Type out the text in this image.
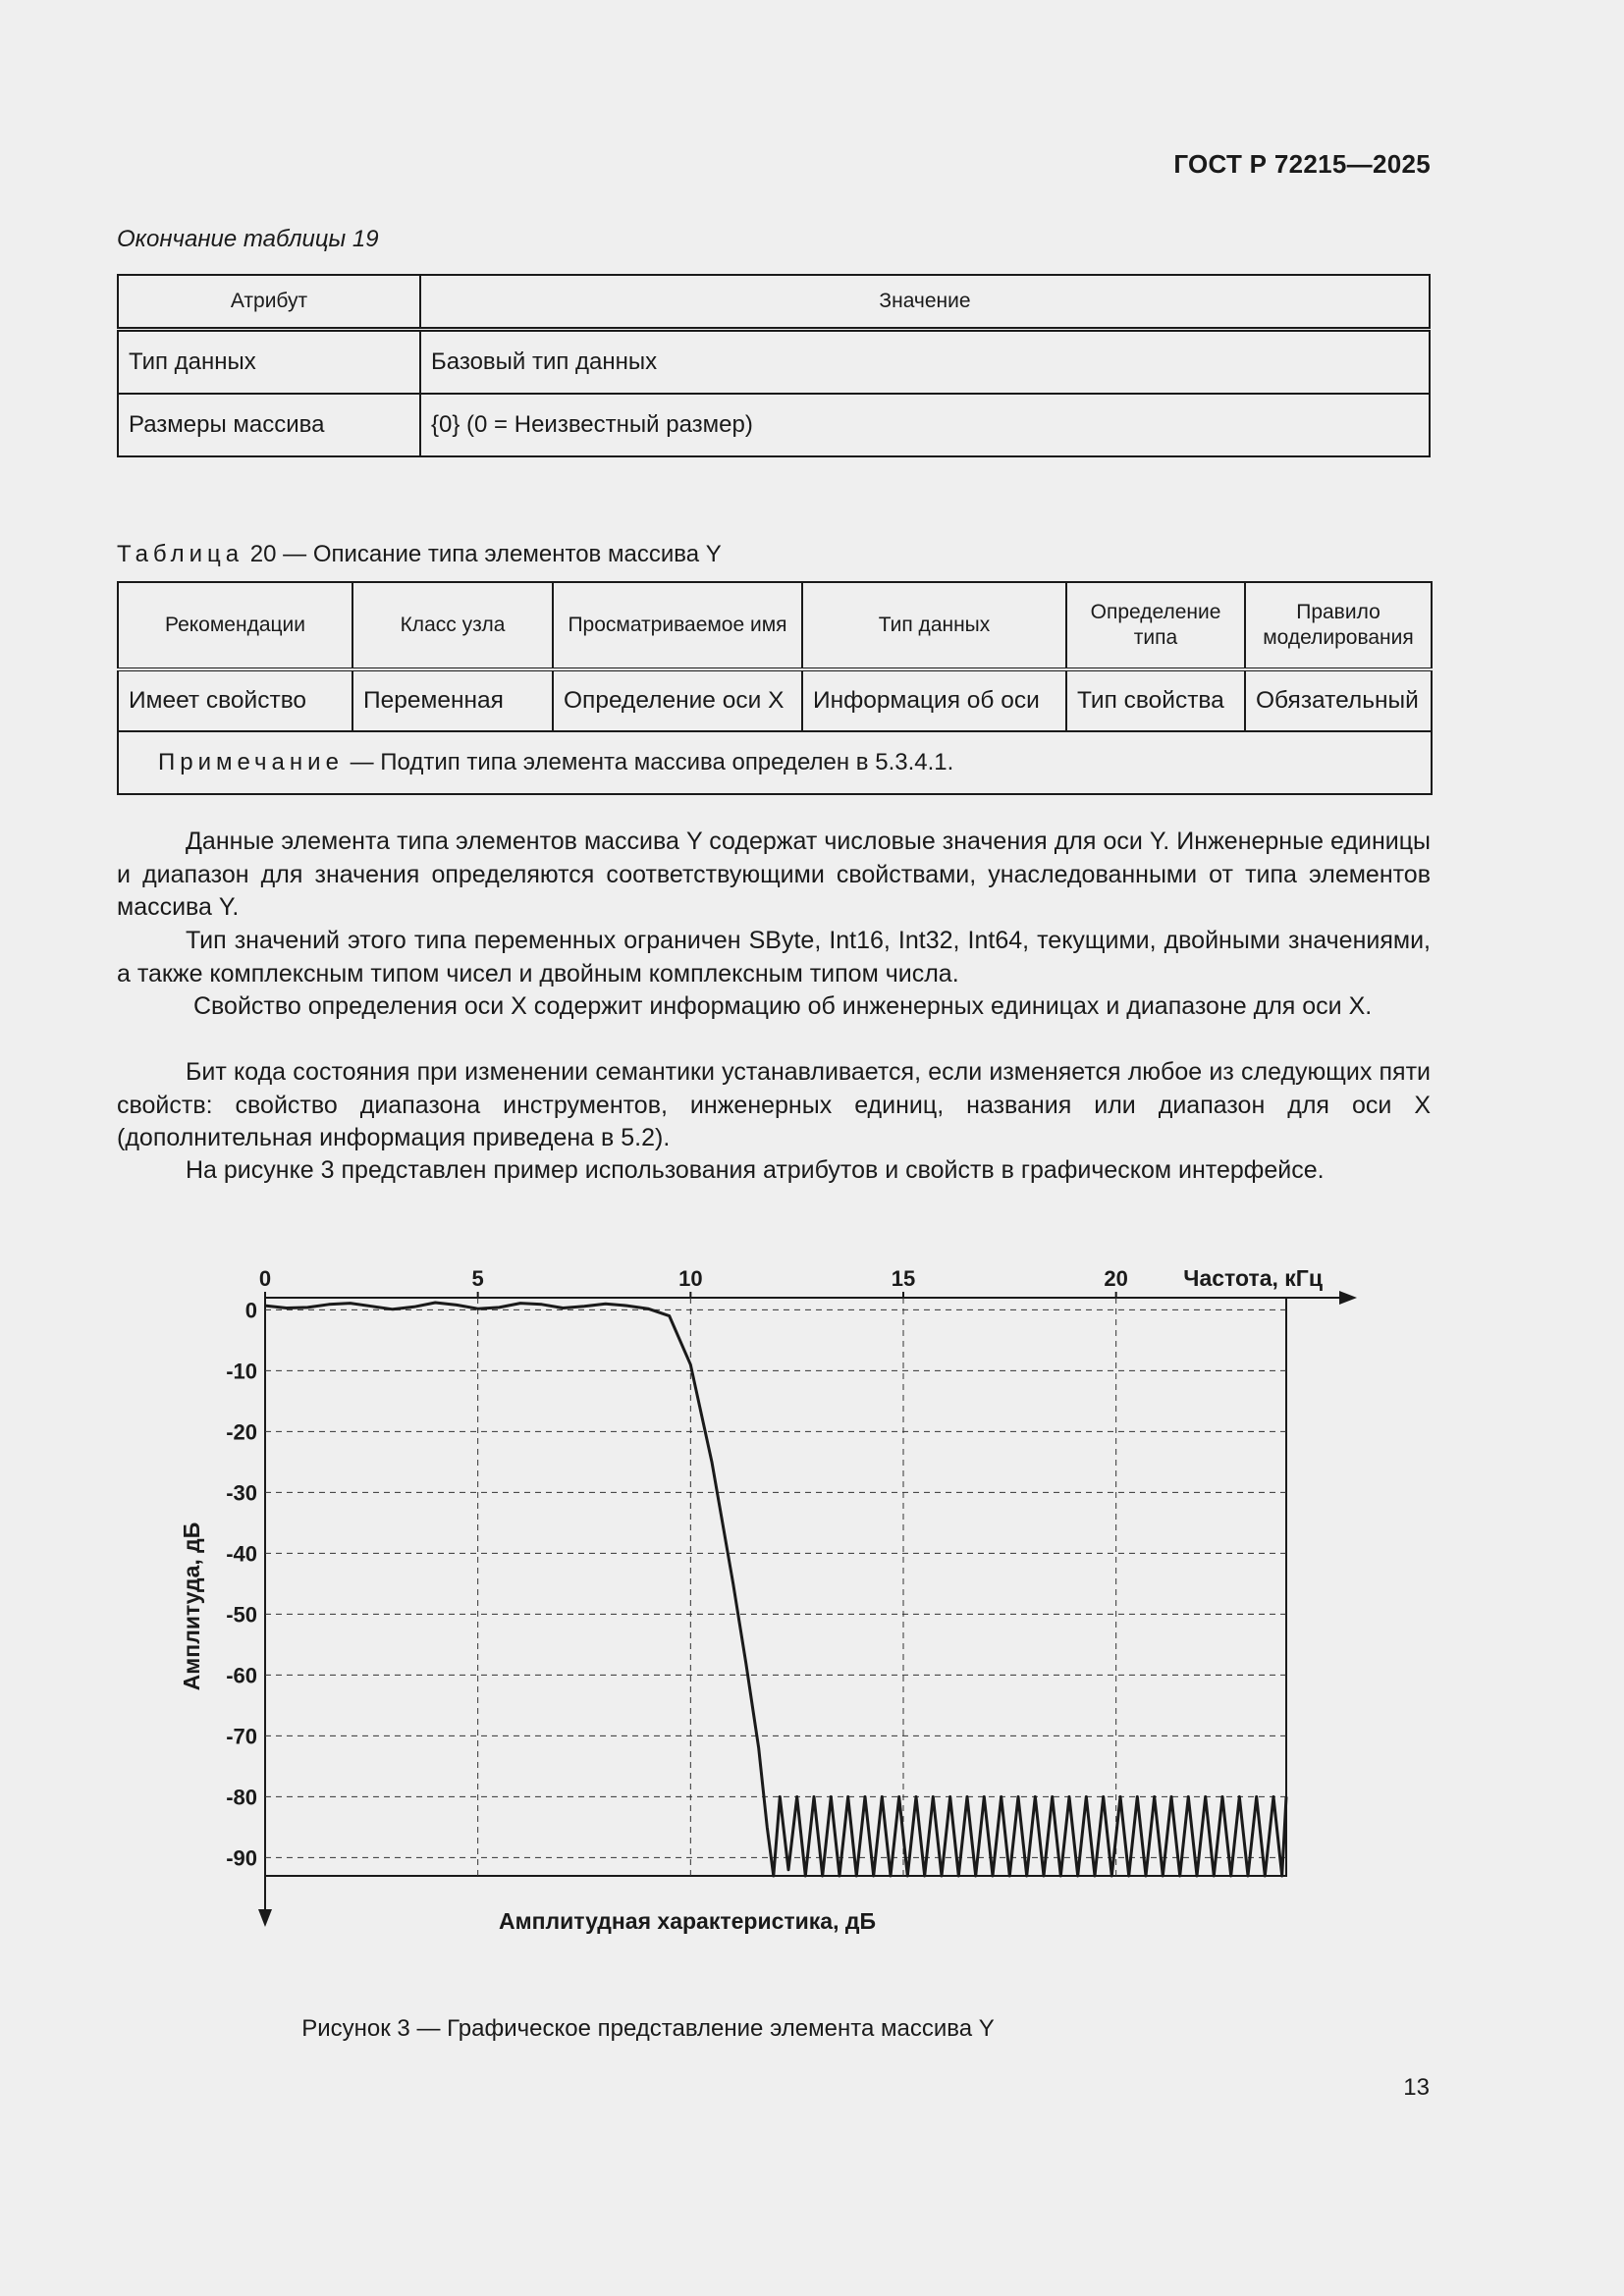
ГОСТ Р 72215—2025
Окончание таблицы 19
Атрибут	Значение
Тип данных	Базовый тип данных
Размеры массива	{0} (0 = Неизвестный размер)
Таблица 20 — Описание типа элементов массива Y
Рекомендации	Класс узла	Просматриваемое имя	Тип данных	Определение типа	Правило моделирования
Имеет свойство	Переменная	Определение оси X	Информация об оси	Тип свойства	Обязательный
Примечание — Подтип типа элемента массива определен в 5.3.4.1.					
Данные элемента типа элементов массива Y содержат числовые значения для оси Y. Инженерные единицы и диапазон для значения определяются соответствующими свойствами, унаследованными от типа элементов массива Y.
Тип значений этого типа переменных ограничен SByte, Int16, Int32, Int64, текущими, двойными значениями, а также комплексным типом чисел и двойным комплексным типом числа.
Свойство определения оси X содержит информацию об инженерных единицах и диапазоне для оси X.
Бит кода состояния при изменении семантики устанавливается, если изменяется любое из следующих пяти свойств: свойство диапазона инструментов, инженерных единиц, названия или диапазон для оси X (дополнительная информация приведена в 5.2).
На рисунке 3 представлен пример использования атрибутов и свойств в графическом интерфейсе.
0
-10
-20
-30
-40
-50
-60
-70
-80
-90
0	5	10	15	20 Частота, кГц
Амплитуда, дБ
Амплитудная характеристика, дБ
Рисунок 3 — Графическое представление элемента массива Y
13
